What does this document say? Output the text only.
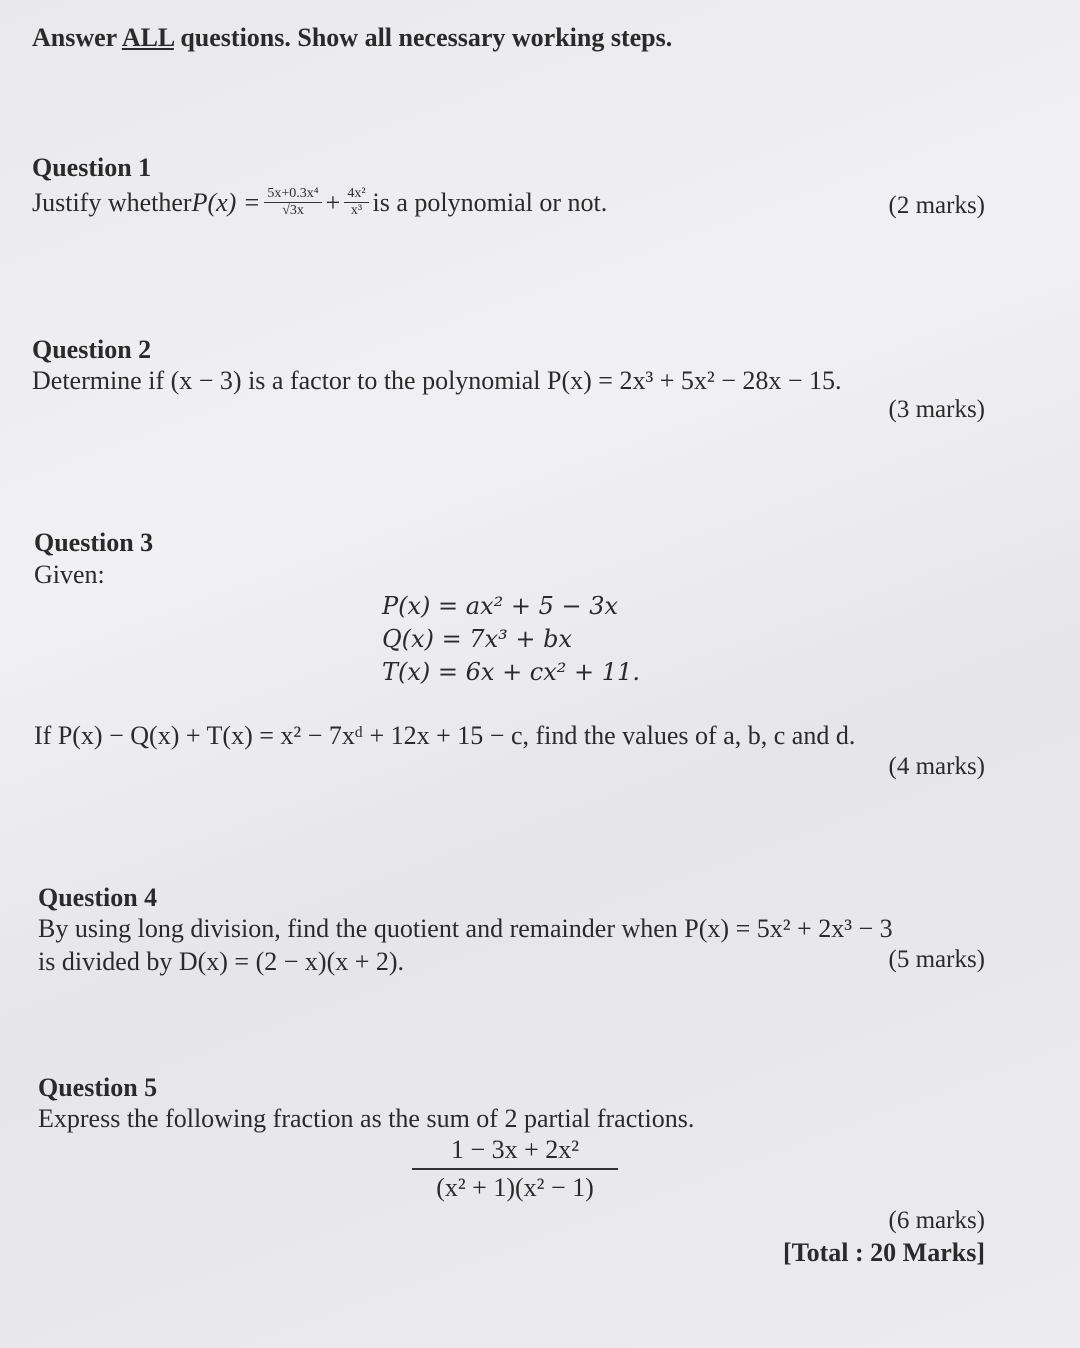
Answer ALL questions. Show all necessary working steps.
Question 1
Justify whether $P(x) = \frac{\text{5x+0.3x⁴}}{√3x} + \frac{\text{4x²}}{\text{x³}}$ is a polynomial or not.	(2 marks)
Question 2
Determine if (x − 3) is a factor to the polynomial P(x) = 2x³ + 5x² − 28x − 15.
(3 marks)
Question 3
Given:
P(x) = ax² + 5 − 3x
Q(x) = 7x³ + bx
T(x) = 6x + cx² + 11.
If P(x) − Q(x) + T(x) = x² − 7xᵈ + 12x + 15 − c, find the values of a, b, c and d.
(4 marks)
Question 4
By using long division, find the quotient and remainder when P(x) = 5x² + 2x³ − 3
is divided by D(x) = (2 − x)(x + 2).	(5 marks)
Question 5
Express the following fraction as the sum of 2 partial fractions.
1 − 3x + 2x²
(x² + 1)(x² − 1)
(6 marks)
[Total : 20 Marks]
